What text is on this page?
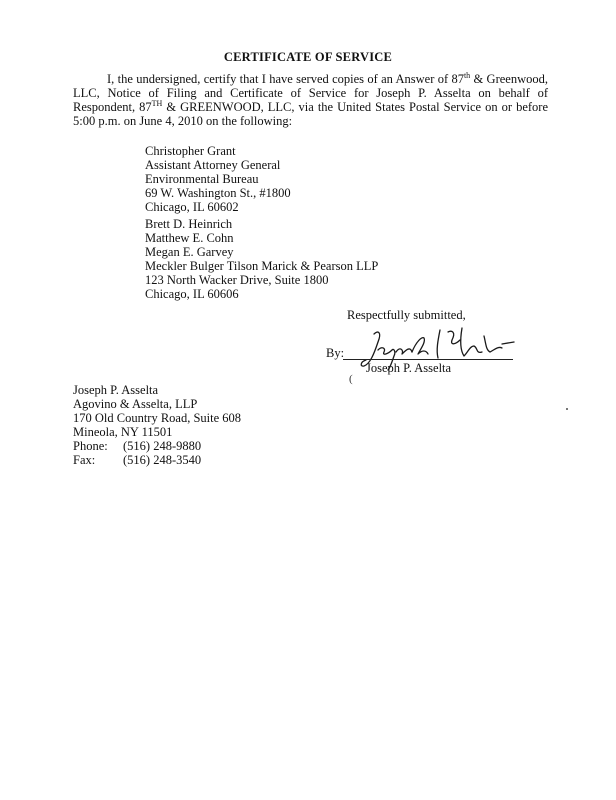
CERTIFICATE OF SERVICE
I, the undersigned, certify that I have served copies of an Answer of 87th & Greenwood, LLC, Notice of Filing and Certificate of Service for Joseph P. Asselta on behalf of Respondent, 87TH & GREENWOOD, LLC, via the United States Postal Service on or before 5:00 p.m. on June 4, 2010 on the following:
Christopher Grant
Assistant Attorney General
Environmental Bureau
69 W. Washington St., #1800
Chicago, IL 60602
Brett D. Heinrich
Matthew E. Cohn
Megan E. Garvey
Meckler Bulger Tilson Marick & Pearson LLP
123 North Wacker Drive, Suite 1800
Chicago, IL 60606
Respectfully submitted,
By:
Joseph P. Asselta
(
Joseph P. Asselta
Agovino & Asselta, LLP
170 Old Country Road, Suite 608
Mineola, NY 11501
Phone: (516) 248-9880
Fax: (516) 248-3540
